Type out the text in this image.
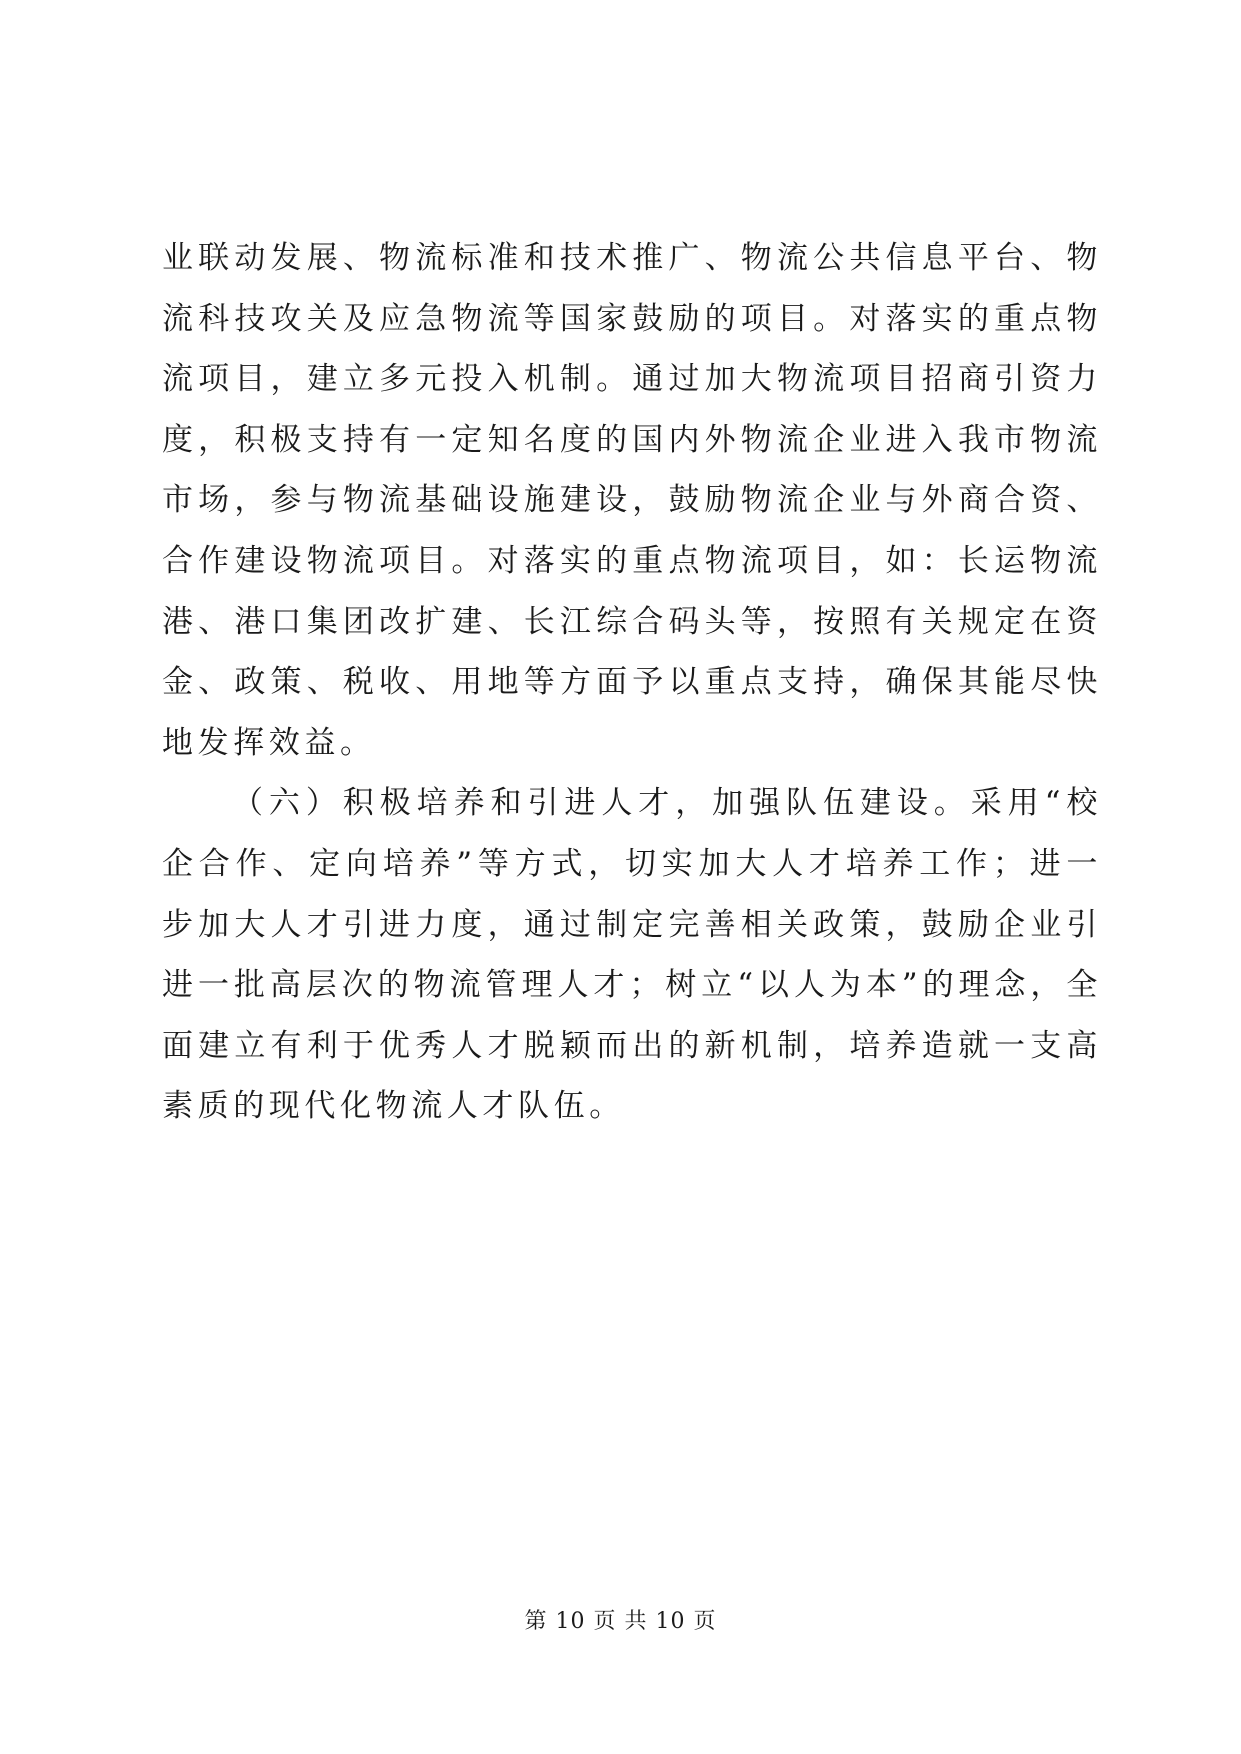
业联动发展、物流标准和技术推广、物流公共信息平台、物流科技攻关及应急物流等国家鼓励的项目。对落实的重点物流项目，建立多元投入机制。通过加大物流项目招商引资力度，积极支持有一定知名度的国内外物流企业进入我市物流市场，参与物流基础设施建设，鼓励物流企业与外商合资、合作建设物流项目。对落实的重点物流项目，如：长运物流港、港口集团改扩建、长江综合码头等，按照有关规定在资金、政策、税收、用地等方面予以重点支持，确保其能尽快地发挥效益。

（六）积极培养和引进人才，加强队伍建设。采用“校企合作、定向培养”等方式，切实加大人才培养工作；进一步加大人才引进力度，通过制定完善相关政策，鼓励企业引进一批高层次的物流管理人才；树立“以人为本”的理念，全面建立有利于优秀人才脱颖而出的新机制，培养造就一支高素质的现代化物流人才队伍。

第 10 页 共 10 页
